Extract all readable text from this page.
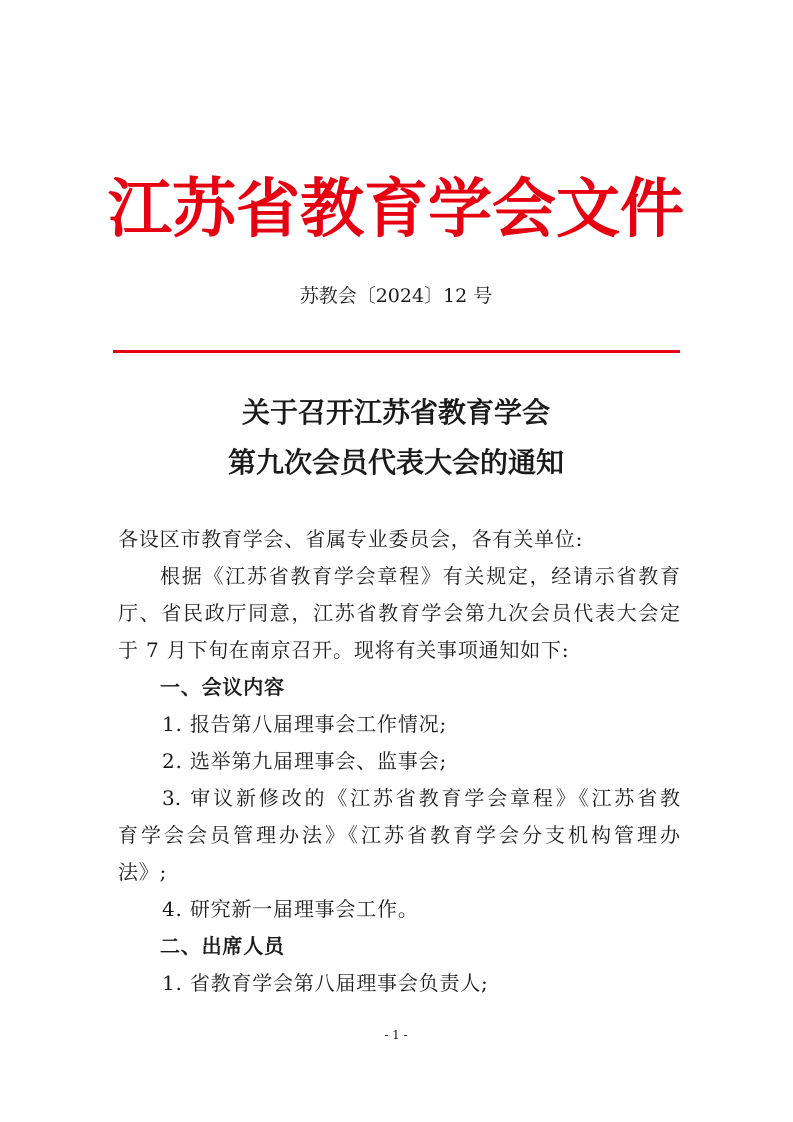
江苏省教育学会文件
苏教会〔2024〕12 号
关于召开江苏省教育学会
第九次会员代表大会的通知
各设区市教育学会、省属专业委员会，各有关单位:
根据《江苏省教育学会章程》有关规定，经请示省教育
厅、省民政厅同意，江苏省教育学会第九次会员代表大会定
于 7 月下旬在南京召开。现将有关事项通知如下:
一、会议内容
1. 报告第八届理事会工作情况;
2. 选举第九届理事会、监事会;
3. 审议新修改的《江苏省教育学会章程》《江苏省教
育学会会员管理办法》《江苏省教育学会分支机构管理办
法》;
4. 研究新一届理事会工作。
二、出席人员
1. 省教育学会第八届理事会负责人;
- 1 -
